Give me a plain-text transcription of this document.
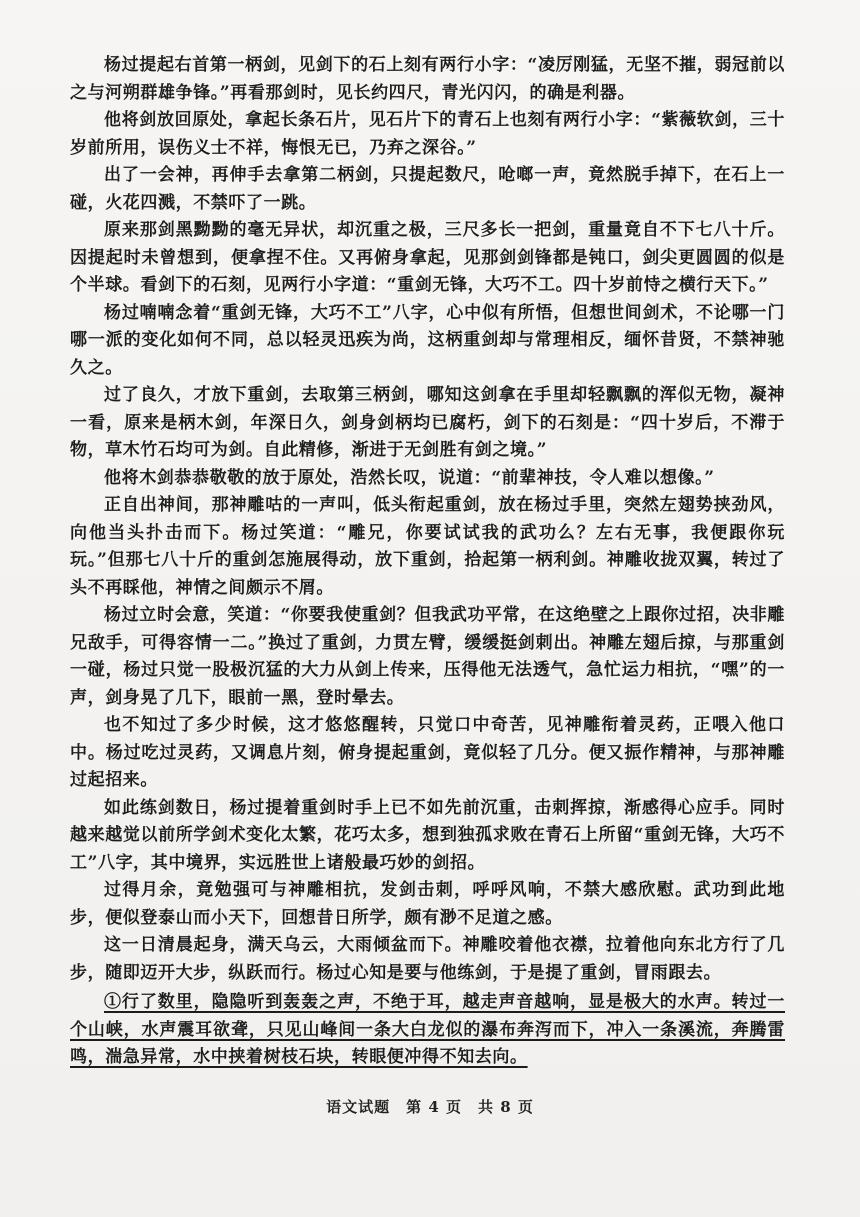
杨过提起右首第一柄剑，见剑下的石上刻有两行小字：“凌厉刚猛，无坚不摧，弱冠前以之与河朔群雄争锋。”再看那剑时，见长约四尺，青光闪闪，的确是利器。

他将剑放回原处，拿起长条石片，见石片下的青石上也刻有两行小字：“紫薇软剑，三十岁前所用，误伤义士不祥，悔恨无已，乃弃之深谷。”

出了一会神，再伸手去拿第二柄剑，只提起数尺，呛啷一声，竟然脱手掉下，在石上一碰，火花四溅，不禁吓了一跳。

原来那剑黑黝黝的毫无异状，却沉重之极，三尺多长一把剑，重量竟自不下七八十斤。因提起时未曾想到，便拿捏不住。又再俯身拿起，见那剑剑锋都是钝口，剑尖更圆圆的似是个半球。看剑下的石刻，见两行小字道：“重剑无锋，大巧不工。四十岁前恃之横行天下。”

杨过喃喃念着“重剑无锋，大巧不工”八字，心中似有所悟，但想世间剑术，不论哪一门哪一派的变化如何不同，总以轻灵迅疾为尚，这柄重剑却与常理相反，缅怀昔贤，不禁神驰久之。

过了良久，才放下重剑，去取第三柄剑，哪知这剑拿在手里却轻飘飘的浑似无物，凝神一看，原来是柄木剑，年深日久，剑身剑柄均已腐朽，剑下的石刻是：“四十岁后，不滞于物，草木竹石均可为剑。自此精修，渐进于无剑胜有剑之境。”

他将木剑恭恭敬敬的放于原处，浩然长叹，说道：“前辈神技，令人难以想像。”

正自出神间，那神雕咕的一声叫，低头衔起重剑，放在杨过手里，突然左翅势挟劲风，向他当头扑击而下。杨过笑道：“雕兄，你要试试我的武功么？左右无事，我便跟你玩玩。”但那七八十斤的重剑怎施展得动，放下重剑，拾起第一柄利剑。神雕收拢双翼，转过了头不再睬他，神情之间颇示不屑。

杨过立时会意，笑道：“你要我使重剑？但我武功平常，在这绝壁之上跟你过招，决非雕兄敌手，可得容情一二。”换过了重剑，力贯左臂，缓缓挺剑刺出。神雕左翅后掠，与那重剑一碰，杨过只觉一股极沉猛的大力从剑上传来，压得他无法透气，急忙运力相抗，“嘿”的一声，剑身晃了几下，眼前一黑，登时晕去。

也不知过了多少时候，这才悠悠醒转，只觉口中奇苦，见神雕衔着灵药，正喂入他口中。杨过吃过灵药，又调息片刻，俯身提起重剑，竟似轻了几分。便又振作精神，与那神雕过起招来。

如此练剑数日，杨过提着重剑时手上已不如先前沉重，击刺挥掠，渐感得心应手。同时越来越觉以前所学剑术变化太繁，花巧太多，想到独孤求败在青石上所留“重剑无锋，大巧不工”八字，其中境界，实远胜世上诸般最巧妙的剑招。

过得月余，竟勉强可与神雕相抗，发剑击刺，呼呼风响，不禁大感欣慰。武功到此地步，便似登泰山而小天下，回想昔日所学，颇有渺不足道之感。

这一日清晨起身，满天乌云，大雨倾盆而下。神雕咬着他衣襟，拉着他向东北方行了几步，随即迈开大步，纵跃而行。杨过心知是要与他练剑，于是提了重剑，冒雨跟去。

①行了数里，隐隐听到轰轰之声，不绝于耳，越走声音越响，显是极大的水声。转过一个山峡，水声震耳欲聋，只见山峰间一条大白龙似的瀑布奔泻而下，冲入一条溪流，奔腾雷鸣，湍急异常，水中挟着树枝石块，转眼便冲得不知去向。

语文试题　第 4 页　共 8 页
